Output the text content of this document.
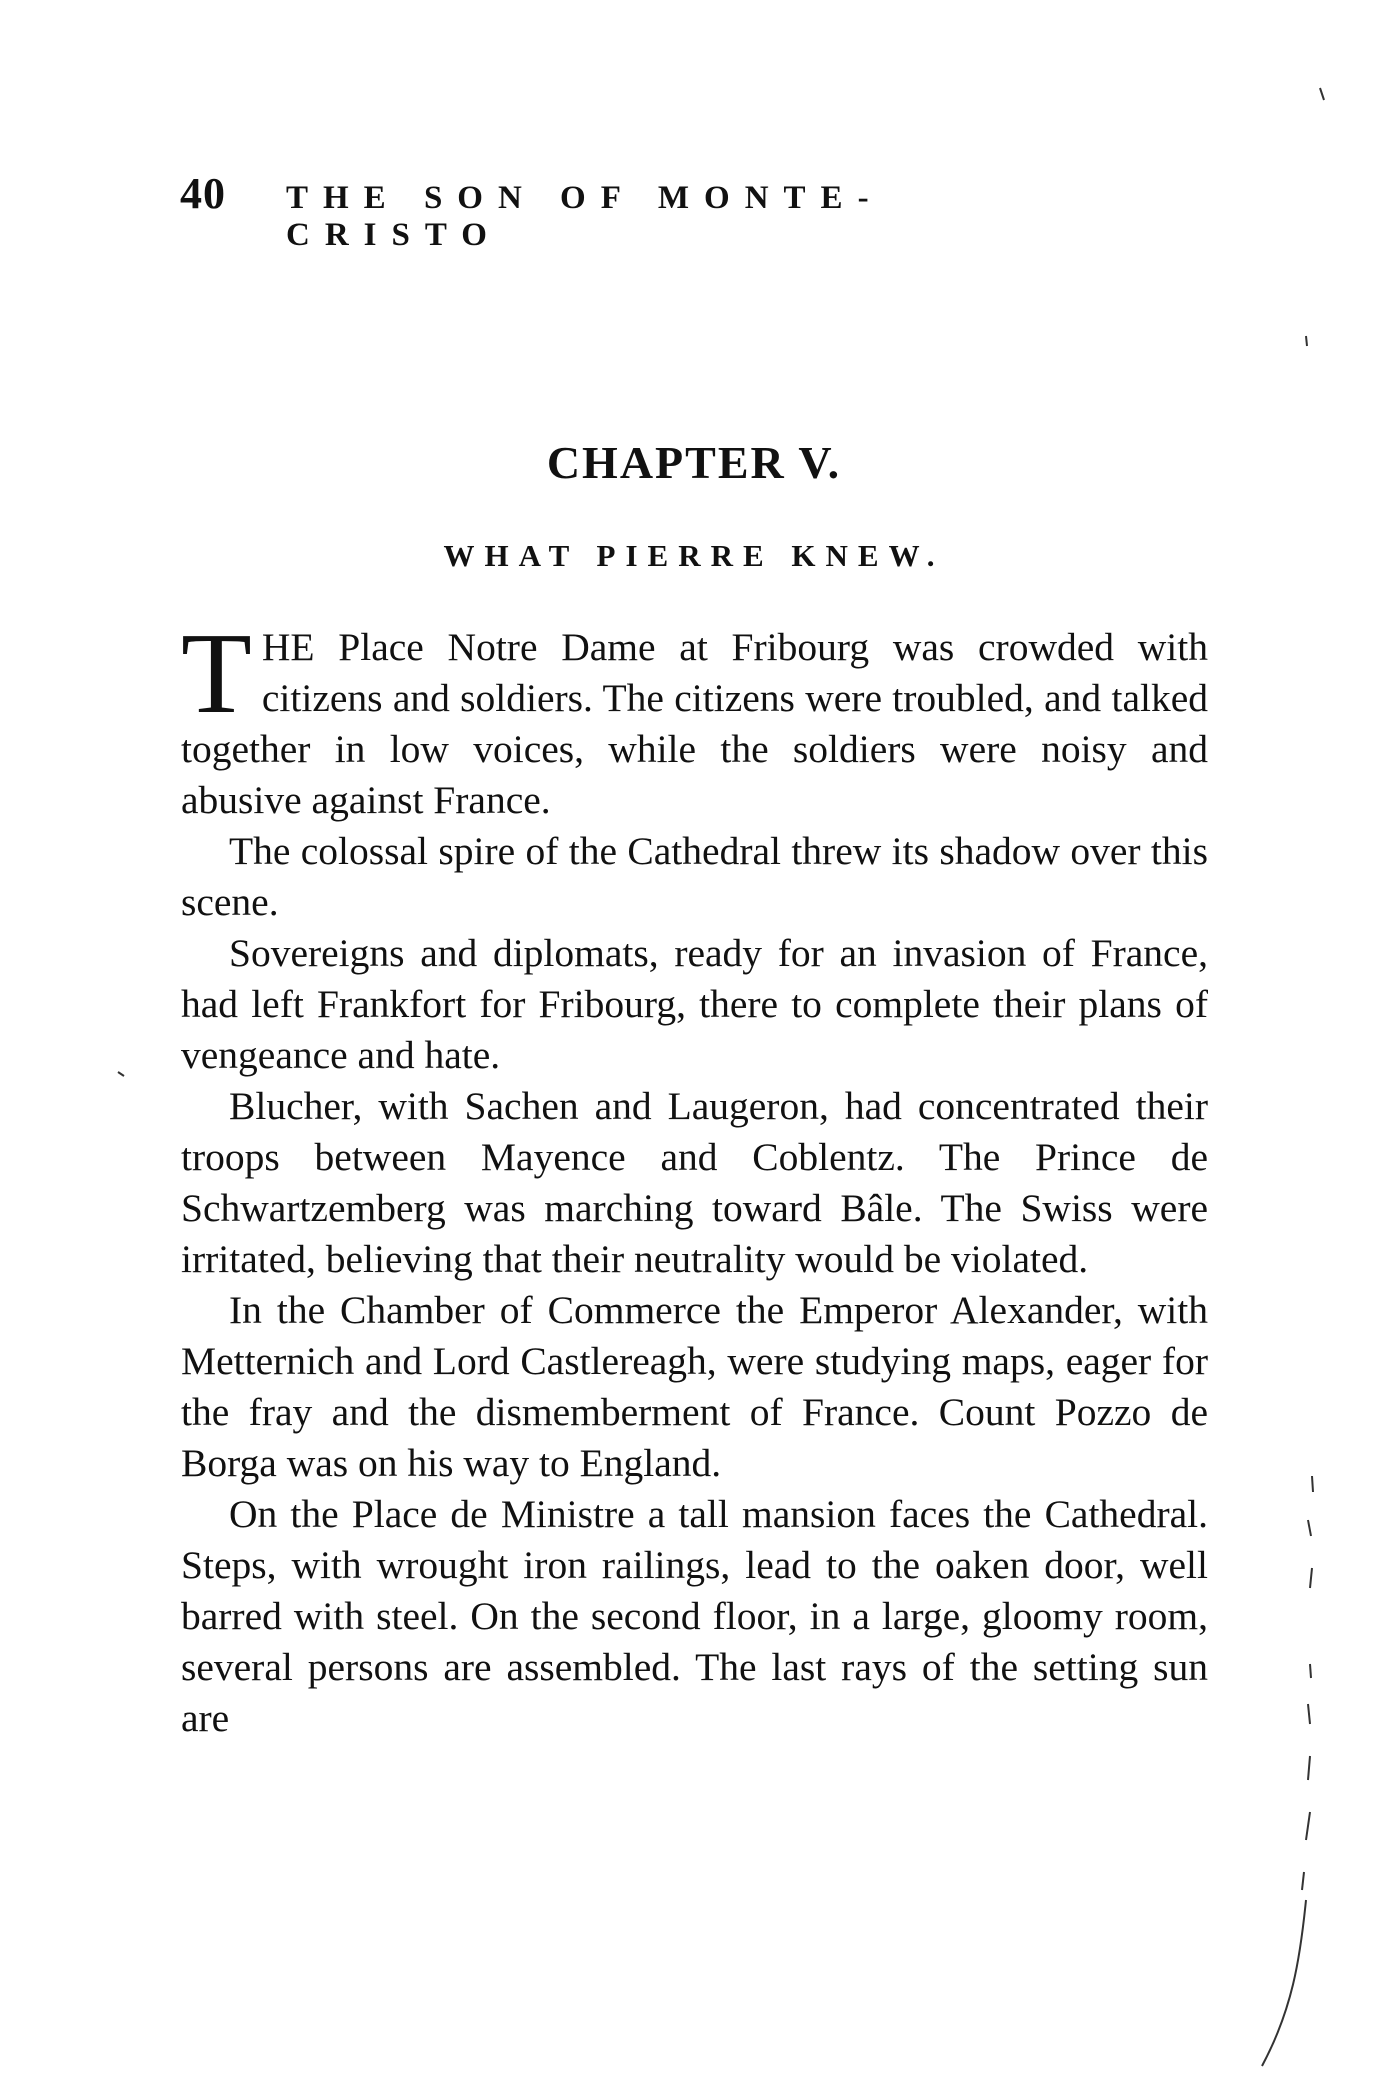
40 THE SON OF MONTE-CRISTO
CHAPTER V.
WHAT PIERRE KNEW.

THE Place Notre Dame at Fribourg was crowded with citizens and soldiers. The citizens were troubled, and talked together in low voices, while the soldiers were noisy and abusive against France.

The colossal spire of the Cathedral threw its shadow over this scene.

Sovereigns and diplomats, ready for an invasion of France, had left Frankfort for Fribourg, there to complete their plans of vengeance and hate.

Blucher, with Sachen and Laugeron, had concentrated their troops between Mayence and Coblentz. The Prince de Schwartzemberg was marching toward Bâle. The Swiss were irritated, believing that their neutrality would be violated.

In the Chamber of Commerce the Emperor Alexander, with Metternich and Lord Castlereagh, were studying maps, eager for the fray and the dismemberment of France. Count Pozzo de Borga was on his way to England.

On the Place de Ministre a tall mansion faces the Cathedral. Steps, with wrought iron railings, lead to the oaken door, well barred with steel. On the second floor, in a large, gloomy room, several persons are assembled. The last rays of the setting sun are
